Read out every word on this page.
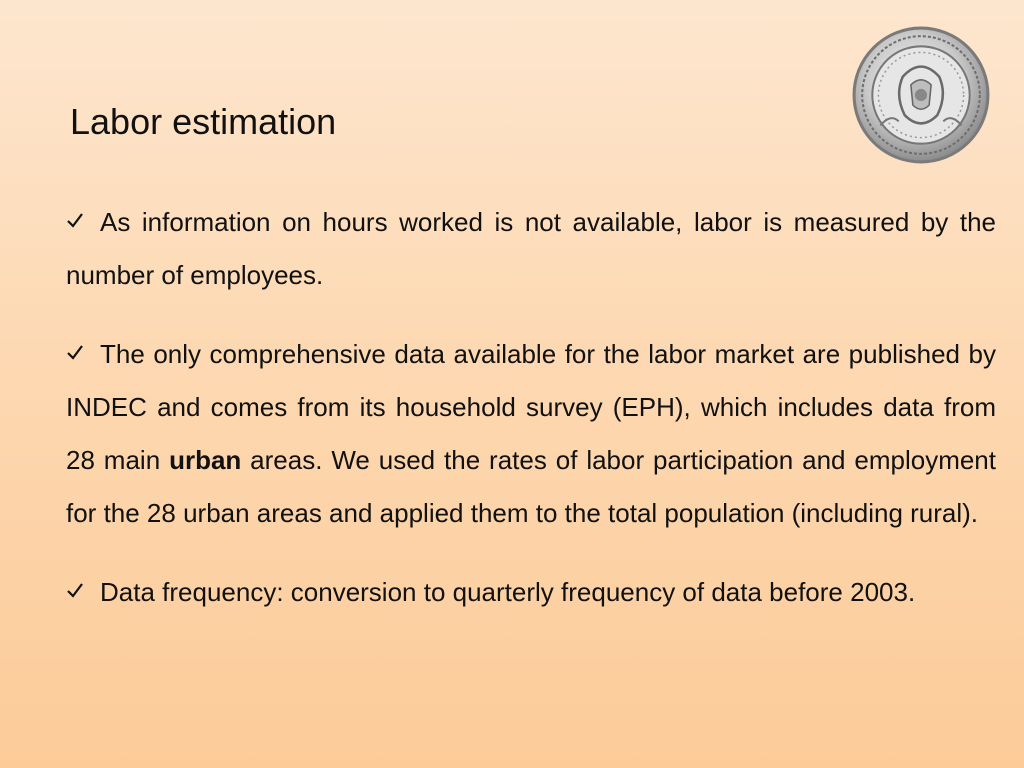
Labor estimation
As information on hours worked is not available, labor is measured by the number of employees.
The only comprehensive data available for the labor market are published by INDEC and comes from its household survey (EPH), which includes data from 28 main urban areas. We used the rates of labor participation and employment for the 28 urban areas and applied them to the total population (including rural).
Data frequency: conversion to quarterly frequency of data before 2003.
